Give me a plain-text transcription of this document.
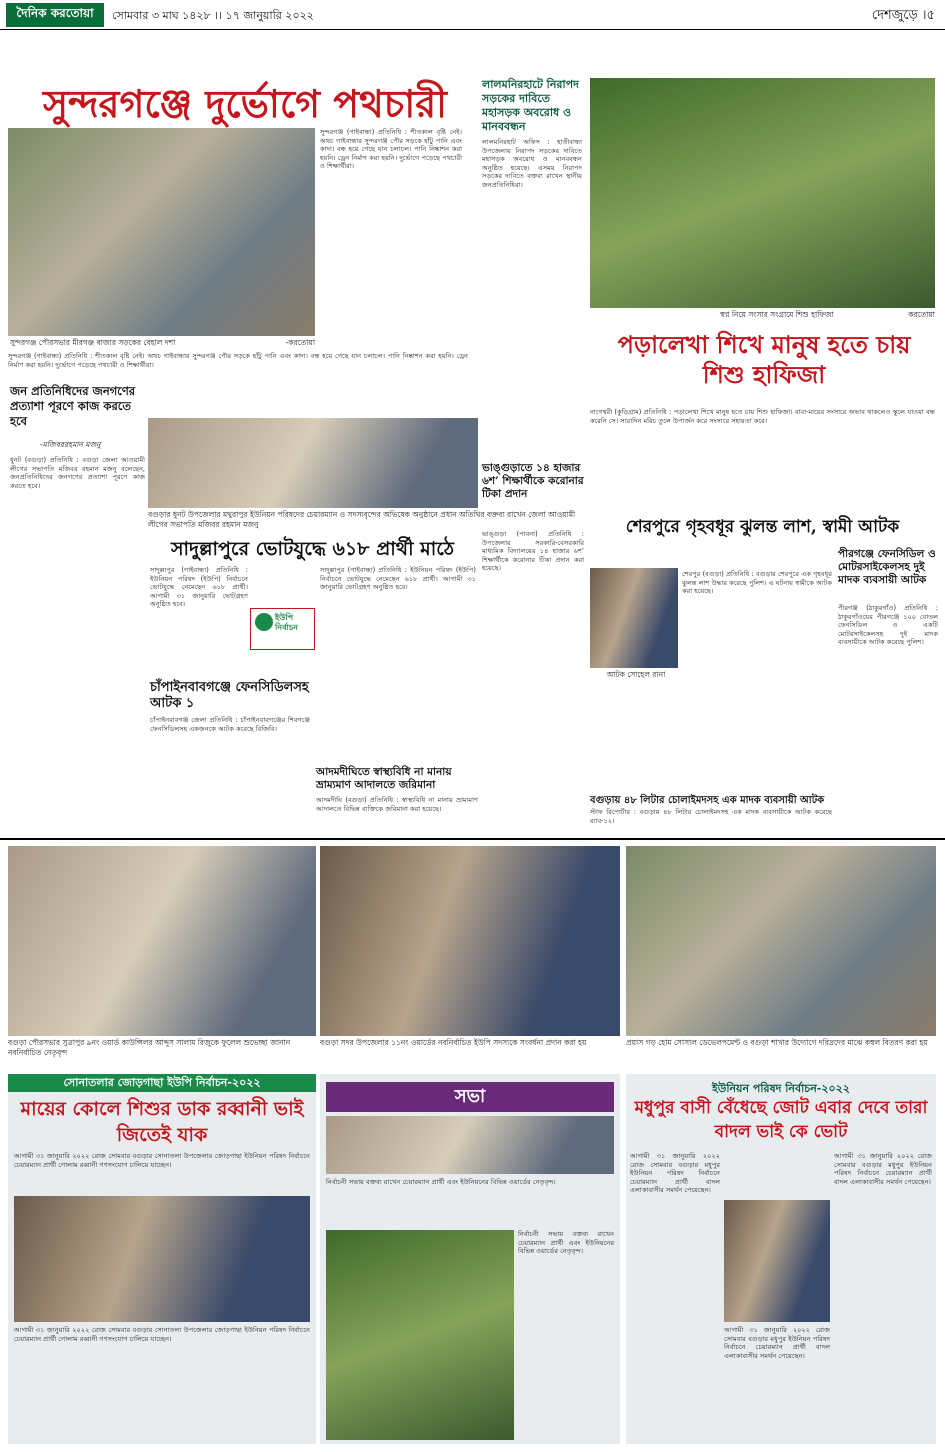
দৈনিক করতোয়া	সোমবার ৩ মাঘ ১৪২৮ ।। ১৭ জানুয়ারি ২০২২	দেশজুড়ে ।৫
সুন্দরগঞ্জে দুর্ভোগে পথচারী
সুন্দরগঞ্জ পৌরসভার মীরগঞ্জ বাজার সড়কের বেহাল দশা	-করতোয়া
সুন্দরগঞ্জ (গাইবান্ধা) প্রতিনিধি : শীতকাল বৃষ্টি নেই। অথচ গাইবান্ধার সুন্দরগঞ্জ পৌর সড়কে হাঁটু পানি এবং কাদা। বন্ধ হয়ে গেছে যান চলাচল। পানি নিষ্কাশন করা হয়নি। ড্রেন নির্মাণ করা হয়নি। দুর্ভোগে পড়েছে পথচারী ও শিক্ষার্থীরা।
সুন্দরগঞ্জ (গাইবান্ধা) প্রতিনিধি : শীতকাল বৃষ্টি নেই। অথচ গাইবান্ধার সুন্দরগঞ্জ পৌর সড়কে হাঁটু পানি এবং কাদা। বন্ধ হয়ে গেছে যান চলাচল। পানি নিষ্কাশন করা হয়নি। ড্রেন নির্মাণ করা হয়নি। দুর্ভোগে পড়েছে পথচারী ও শিক্ষার্থীরা।
লালমনিরহাটে নিরাপদ সড়কের দাবিতে মহাসড়ক অবরোধ ও মানববন্ধন
লালমনিরহাট অফিস : হাতীবান্ধা উপজেলায় নিরাপদ সড়কের দাবিতে মহাসড়ক অবরোধ ও মানববন্ধন অনুষ্ঠিত হয়েছে। এসময় নিরাপদ সড়কের দাবিতে বক্তব্য রাখেন স্থানীয় জনপ্রতিনিধিরা।
স্বপ্ন নিয়ে সংসার সংগ্রামে শিশু হাফিজা	করতোয়া
পড়ালেখা শিখে মানুষ হতে চায় শিশু হাফিজা
নাগেশ্বরী (কুড়িগ্রাম) প্রতিনিধি : পড়ালেখা শিখে মানুষ হতে চায় শিশু হাফিজা। বাবা-মায়ের সংসারে অভাব থাকলেও স্কুলে যাওয়া বন্ধ করেনি সে। সারাদিন মরিচ তুলে উপার্জন করে সংসারে সহায়তা করে।
জন প্রতিনিধিদের জনগণের প্রত্যাশা পূরণে কাজ করতে হবে
-মজিবররহমান মজনু
ধুনট (বগুড়া) প্রতিনিধি : বগুড়া জেলা আওয়ামী লীগের সভাপতি মজিবর রহমান মজনু বলেছেন, জনপ্রতিনিধিদের জনগণের প্রত্যাশা পূরণে কাজ করতে হবে।
বগুড়ার ধুনট উপজেলার মথুরাপুর ইউনিয়ন পরিষদের চেয়ারম্যান ও সদস্যবৃন্দের অভিষেক অনুষ্ঠানে প্রধান অতিথির বক্তব্য রাখেন জেলা আওয়ামী লীগের সভাপতি মজিবর রহমান মজনু
ভাঙ্গুড়াতে ১৪ হাজার ৬শ’ শিক্ষার্থীকে করোনার টিকা প্রদান
ভাঙ্গুড়া (পাবনা) প্রতিনিধি : উপজেলার সরকারি-বেসরকারি মাধ্যমিক বিদ্যালয়ের ১৪ হাজার ৬শ’ শিক্ষার্থীকে করোনার টিকা প্রদান করা হয়েছে।
সাদুল্লাপুরে ভোটযুদ্ধে ৬১৮ প্রার্থী মাঠে
ইউপি নির্বাচন
সাদুল্লাপুর (গাইবান্ধা) প্রতিনিধি : ইউনিয়ন পরিষদ (ইউপি) নির্বাচনে ভোটযুদ্ধে নেমেছেন ৬১৮ প্রার্থী। আগামী ৩১ জানুয়ারি ভোটগ্রহণ অনুষ্ঠিত হবে।
সাদুল্লাপুর (গাইবান্ধা) প্রতিনিধি : ইউনিয়ন পরিষদ (ইউপি) নির্বাচনে ভোটযুদ্ধে নেমেছেন ৬১৮ প্রার্থী। আগামী ৩১ জানুয়ারি ভোটগ্রহণ অনুষ্ঠিত হবে।
শেরপুরে গৃহবধূর ঝুলন্ত লাশ, স্বামী আটক
আটক সোহেল রানা
শেরপুর (বগুড়া) প্রতিনিধি : বগুড়ার শেরপুরে এক গৃহবধূর ঝুলন্ত লাশ উদ্ধার করেছে পুলিশ। এ ঘটনায় স্বামীকে আটক করা হয়েছে।
পীরগঞ্জে ফেনসিডিল ও মোটরসাইকেলসহ দুই মাদক ব্যবসায়ী আটক
পীরগঞ্জ (ঠাকুরগাঁও) প্রতিনিধি : ঠাকুরগাঁওয়ের পীরগঞ্জে ১০০ বোতল ফেনসিডিল ও একটি মোটরসাইকেলসহ দুই মাদক ব্যবসায়ীকে আটক করেছে পুলিশ।
চাঁপাইনবাবগঞ্জে ফেনসিডিলসহ আটক ১
চাঁপাইনবাবগঞ্জ জেলা প্রতিনিধি : চাঁপাইনবাবগঞ্জের শিবগঞ্জে ফেনসিডিলসহ একজনকে আটক করেছে বিজিবি।
আদমদীঘিতে স্বাস্থ্যবিধি না মানায় ভ্রাম্যমাণ আদালতে জরিমানা
আদমদীঘি (বগুড়া) প্রতিনিধি : স্বাস্থ্যবিধি না মানায় ভ্রাম্যমাণ আদালতে বিভিন্ন ব্যক্তিকে জরিমানা করা হয়েছে।
বগুড়ায় ৪৮ লিটার চোলাইমদসহ এক মাদক ব্যবসায়ী আটক
স্টাফ রিপোর্টার : বগুড়ায় ৪৮ লিটার চোলাইমদসহ এক মাদক ব্যবসায়ীকে আটক করেছে র‌্যাব-১২।
বগুড়া পৌরসভার সুত্রাপুর ৯নং ওয়ার্ড কাউন্সিলর আব্দুস সালাম রিজুকে ফুলেল শুভেচ্ছা জানান নবনির্বাচিত নেতৃবৃন্দ
বগুড়া সদর উপজেলার ১১নং ওয়ার্ডের নবনির্বাচিত ইউপি সদস্যকে সংবর্ধনা প্রদান করা হয়	প্রয়াস গড় হোম সোসাল ডেভেলপমেন্ট ও বগুড়া শাখার উদ্যোগে দরিদ্রদের মাঝে কম্বল বিতরণ করা হয়
সোনাতলার জোড়গাছা ইউপি নির্বাচন-২০২২
মায়ের কোলে শিশুর ডাক রব্বানী ভাই জিতেই যাক
আগামী ৩১ জানুয়ারি ২০২২ রোজ সোমবার বগুড়ার সোনাতলা উপজেলার জোড়গাছা ইউনিয়ন পরিষদ নির্বাচনে চেয়ারম্যান প্রার্থী গোলাম রব্বানী গণসংযোগ চালিয়ে যাচ্ছেন।
আগামী ৩১ জানুয়ারি ২০২২ রোজ সোমবার বগুড়ার সোনাতলা উপজেলার জোড়গাছা ইউনিয়ন পরিষদ নির্বাচনে চেয়ারম্যান প্রার্থী গোলাম রব্বানী গণসংযোগ চালিয়ে যাচ্ছেন।
সভা
নির্বাচনী সভায় বক্তব্য রাখেন চেয়ারম্যান প্রার্থী এবং ইউনিয়নের বিভিন্ন ওয়ার্ডের নেতৃবৃন্দ।
নির্বাচনী সভায় বক্তব্য রাখেন চেয়ারম্যান প্রার্থী এবং ইউনিয়নের বিভিন্ন ওয়ার্ডের নেতৃবৃন্দ।
ইউনিয়ন পরিষদ নির্বাচন-২০২২
মধুপুর বাসী বেঁধেছে জোট এবার দেবে তারা বাদল ভাই কে ভোট
আগামী ৩১ জানুয়ারি ২০২২ রোজ সোমবার বগুড়ার মধুপুর ইউনিয়ন পরিষদ নির্বাচনে চেয়ারম্যান প্রার্থী বাদল এলাকাবাসীর সমর্থন পেয়েছেন।
আগামী ৩১ জানুয়ারি ২০২২ রোজ সোমবার বগুড়ার মধুপুর ইউনিয়ন পরিষদ নির্বাচনে চেয়ারম্যান প্রার্থী বাদল এলাকাবাসীর সমর্থন পেয়েছেন।
আগামী ৩১ জানুয়ারি ২০২২ রোজ সোমবার বগুড়ার মধুপুর ইউনিয়ন পরিষদ নির্বাচনে চেয়ারম্যান প্রার্থী বাদল এলাকাবাসীর সমর্থন পেয়েছেন।
